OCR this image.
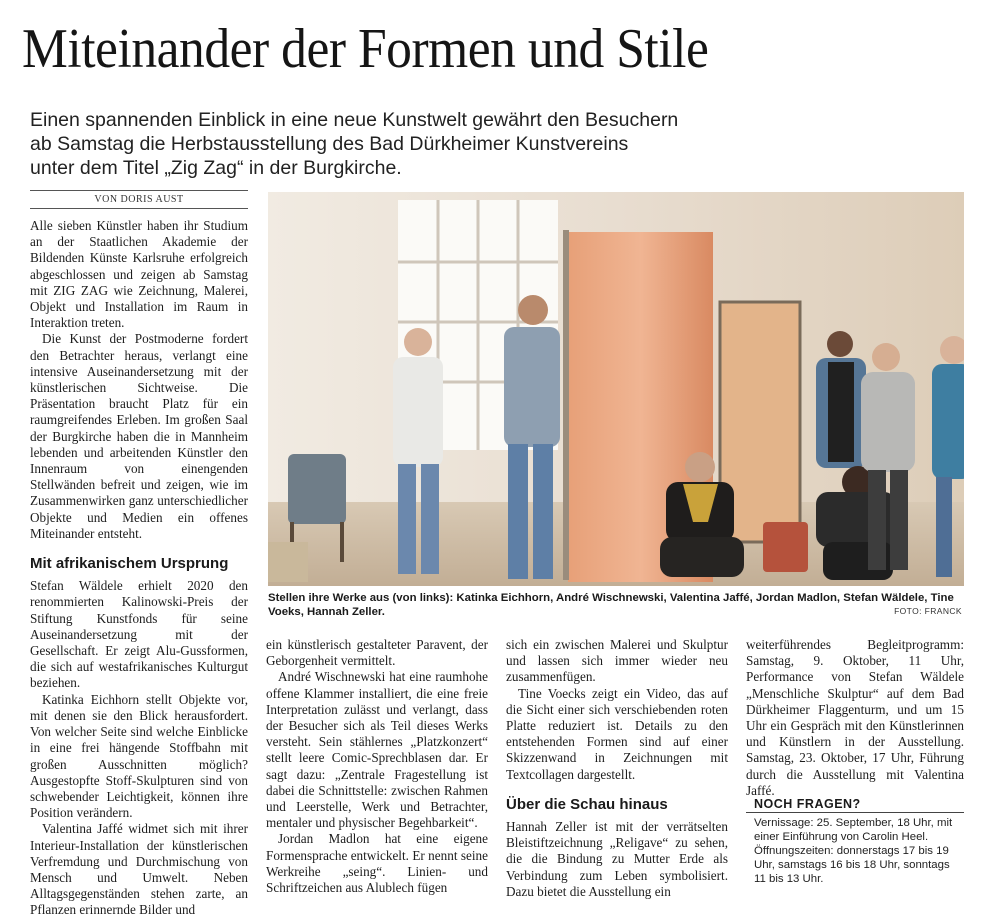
Miteinander der Formen und Stile
Einen spannenden Einblick in eine neue Kunstwelt gewährt den Besuchern
ab Samstag die Herbstausstellung des Bad Dürkheimer Kunstvereins
unter dem Titel „Zig Zag“ in der Burgkirche.
VON DORIS AUST

Alle sieben Künstler haben ihr Studium an der Staatlichen Akademie der Bildenden Künste Karlsruhe erfolgreich abgeschlossen und zeigen ab Samstag mit ZIG ZAG wie Zeichnung, Malerei, Objekt und Installation im Raum in Interaktion treten.

Die Kunst der Postmoderne fordert den Betrachter heraus, verlangt eine intensive Auseinandersetzung mit der künstlerischen Sichtweise. Die Präsentation braucht Platz für ein raumgreifendes Erleben. Im großen Saal der Burgkirche haben die in Mannheim lebenden und arbeitenden Künstler den Innenraum von einengenden Stellwänden befreit und zeigen, wie im Zusammenwirken ganz unterschiedlicher Objekte und Medien ein offenes Miteinander entsteht.

Mit afrikanischem Ursprung

Stefan Wäldele erhielt 2020 den renommierten Kalinowski-Preis der Stiftung Kunstfonds für seine Auseinandersetzung mit der Gesellschaft. Er zeigt Alu-Gussformen, die sich auf westafrikanisches Kulturgut beziehen.

Katinka Eichhorn stellt Objekte vor, mit denen sie den Blick herausfordert. Von welcher Seite sind welche Einblicke in eine frei hängende Stoffbahn mit großen Ausschnitten möglich? Ausgestopfte Stoff-Skulpturen sind von schwebender Leichtigkeit, können ihre Position verändern.

Valentina Jaffé widmet sich mit ihrer Interieur-Installation der künstlerischen Verfremdung und Durchmischung von Mensch und Umwelt. Neben Alltagsgegenständen stehen zarte, an Pflanzen erinnernde Bilder und

Stellen ihre Werke aus (von links): Katinka Eichhorn, André Wischnewski, Valentina Jaffé, Jordan Madlon, Stefan Wäldele, Tine Voeks, Hannah Zeller.	FOTO: FRANCK

ein künstlerisch gestalteter Paravent, der Geborgenheit vermittelt.

André Wischnewski hat eine raumhohe offene Klammer installiert, die eine freie Interpretation zulässt und verlangt, dass der Besucher sich als Teil dieses Werks versteht. Sein stählernes „Platzkonzert“ stellt leere Comic-Sprechblasen dar. Er sagt dazu: „Zentrale Fragestellung ist dabei die Schnittstelle: zwischen Rahmen und Leerstelle, Werk und Betrachter, mentaler und physischer Begehbarkeit“.

Jordan Madlon hat eine eigene Formensprache entwickelt. Er nennt seine Werkreihe „seing“. Linien- und Schriftzeichen aus Alublech fügen

sich ein zwischen Malerei und Skulptur und lassen sich immer wieder neu zusammenfügen.

Tine Voecks zeigt ein Video, das auf die Sicht einer sich verschiebenden roten Platte reduziert ist. Details zu den entstehenden Formen sind auf einer Skizzenwand in Zeichnungen mit Textcollagen dargestellt.

Über die Schau hinaus

Hannah Zeller ist mit der verrätselten Bleistiftzeichnung „Religave“ zu sehen, die die Bindung zu Mutter Erde als Verbindung zum Leben symbolisiert. Dazu bietet die Ausstellung ein

weiterführendes Begleitprogramm: Samstag, 9. Oktober, 11 Uhr, Performance von Stefan Wäldele „Menschliche Skulptur“ auf dem Bad Dürkheimer Flaggenturm, und um 15 Uhr ein Gespräch mit den Künstlerinnen und Künstlern in der Ausstellung. Samstag, 23. Oktober, 17 Uhr, Führung durch die Ausstellung mit Valentina Jaffé.

NOCH FRAGEN?
Vernissage: 25. September, 18 Uhr, mit einer Einführung von Carolin Heel. Öffnungszeiten: donnerstags 17 bis 19 Uhr, samstags 16 bis 18 Uhr, sonntags 11 bis 13 Uhr.
